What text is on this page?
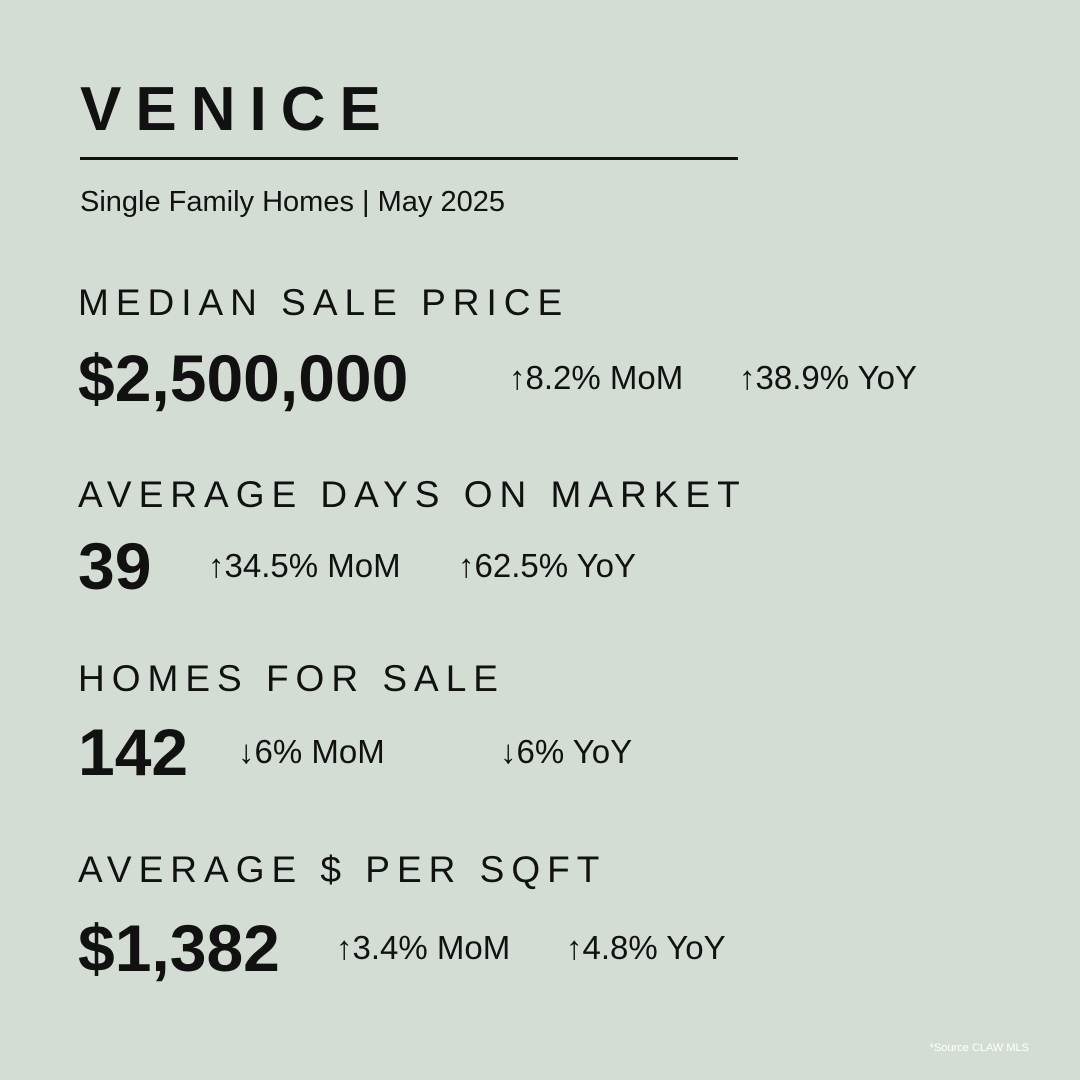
VENICE
Single Family Homes | May 2025
MEDIAN SALE PRICE
$2,500,000	↑8.2% MoM ↑38.9% YoY
AVERAGE DAYS ON MARKET
39 ↑34.5% MoM ↑62.5% YoY
HOMES FOR SALE
142 ↓6% MoM	↓6% YoY
AVERAGE $ PER SQFT
$1,382 ↑3.4% MoM ↑4.8% YoY
*Source CLAW MLS
